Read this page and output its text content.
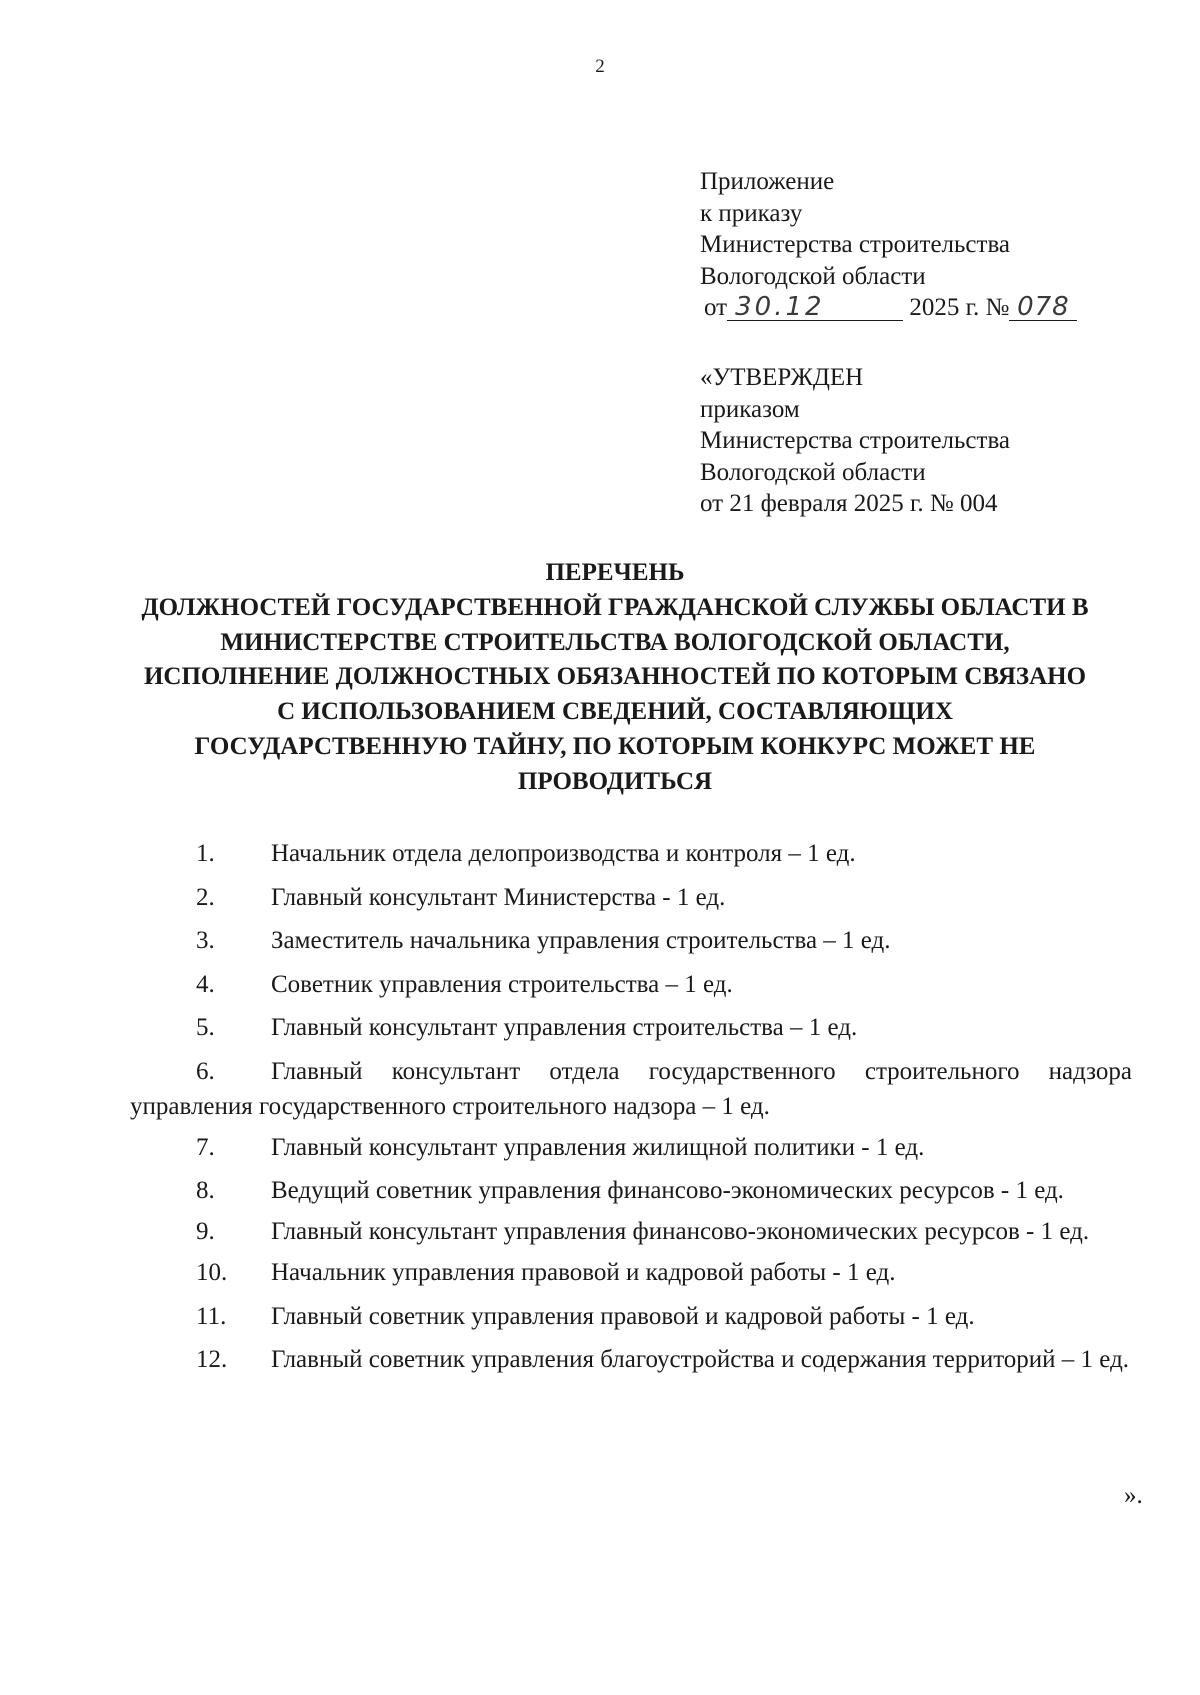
2
Приложение
к приказу
Министерства строительства
Вологодской области
от 30.12	2025 г. № 078
«УТВЕРЖДЕН
приказом
Министерства строительства
Вологодской области
от 21 февраля 2025 г. № 004
ПЕРЕЧЕНЬ
ДОЛЖНОСТЕЙ ГОСУДАРСТВЕННОЙ ГРАЖДАНСКОЙ СЛУЖБЫ ОБЛАСТИ В МИНИСТЕРСТВЕ СТРОИТЕЛЬСТВА ВОЛОГОДСКОЙ ОБЛАСТИ, ИСПОЛНЕНИЕ ДОЛЖНОСТНЫХ ОБЯЗАННОСТЕЙ ПО КОТОРЫМ СВЯЗАНО С ИСПОЛЬЗОВАНИЕМ СВЕДЕНИЙ, СОСТАВЛЯЮЩИХ ГОСУДАРСТВЕННУЮ ТАЙНУ, ПО КОТОРЫМ КОНКУРС МОЖЕТ НЕ ПРОВОДИТЬСЯ
1. Начальник отдела делопроизводства и контроля – 1 ед.
2. Главный консультант Министерства - 1 ед.
3. Заместитель начальника управления строительства – 1 ед.
4. Советник управления строительства – 1 ед.
5. Главный консультант управления строительства – 1 ед.
6. Главный консультант отдела государственного строительного надзора управления государственного строительного надзора – 1 ед.
7. Главный консультант управления жилищной политики - 1 ед.
8. Ведущий советник управления финансово-экономических ресурсов - 1 ед.
9. Главный консультант управления финансово-экономических ресурсов - 1 ед.
10. Начальник управления правовой и кадровой работы - 1 ед.
11. Главный советник управления правовой и кадровой работы - 1 ед.
12. Главный советник управления благоустройства и содержания территорий – 1 ед.
».
